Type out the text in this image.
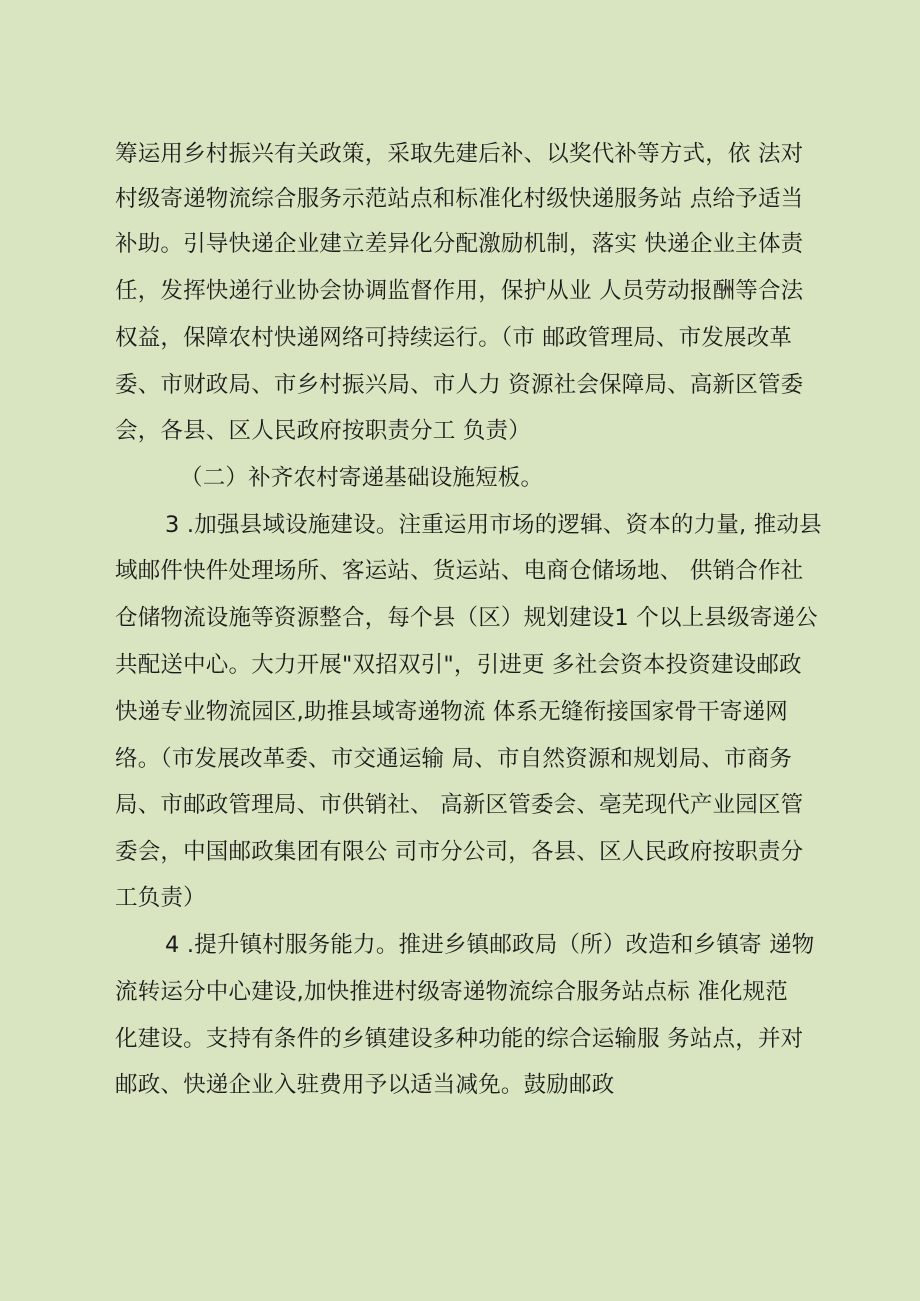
筹运用乡村振兴有关政策，采取先建后补、以奖代补等方式，依 法对

村级寄递物流综合服务示范站点和标准化村级快递服务站 点给予适当

补助。引导快递企业建立差异化分配激励机制，落实 快递企业主体责

任，发挥快递行业协会协调监督作用，保护从业 人员劳动报酬等合法

权益，保障农村快递网络可持续运行。（市 邮政管理局、市发展改革

委、市财政局、市乡村振兴局、市人力 资源社会保障局、高新区管委

会，各县、区人民政府按职责分工 负责）

（二）补齐农村寄递基础设施短板。

3 .加强县域设施建设。注重运用市场的逻辑、资本的力量, 推动县

域邮件快件处理场所、客运站、货运站、电商仓储场地、 供销合作社

仓储物流设施等资源整合，每个县（区）规划建设1 个以上县级寄递公

共配送中心。大力开展"双招双引"，引进更 多社会资本投资建设邮政

快递专业物流园区,助推县域寄递物流 体系无缝衔接国家骨干寄递网

络。（市发展改革委、市交通运输 局、市自然资源和规划局、市商务

局、市邮政管理局、市供销社、 高新区管委会、亳芜现代产业园区管

委会，中国邮政集团有限公 司市分公司，各县、区人民政府按职责分

工负责）

4 .提升镇村服务能力。推进乡镇邮政局（所）改造和乡镇寄 递物

流转运分中心建设,加快推进村级寄递物流综合服务站点标 准化规范

化建设。支持有条件的乡镇建设多种功能的综合运输服 务站点，并对

邮政、快递企业入驻费用予以适当减免。鼓励邮政
